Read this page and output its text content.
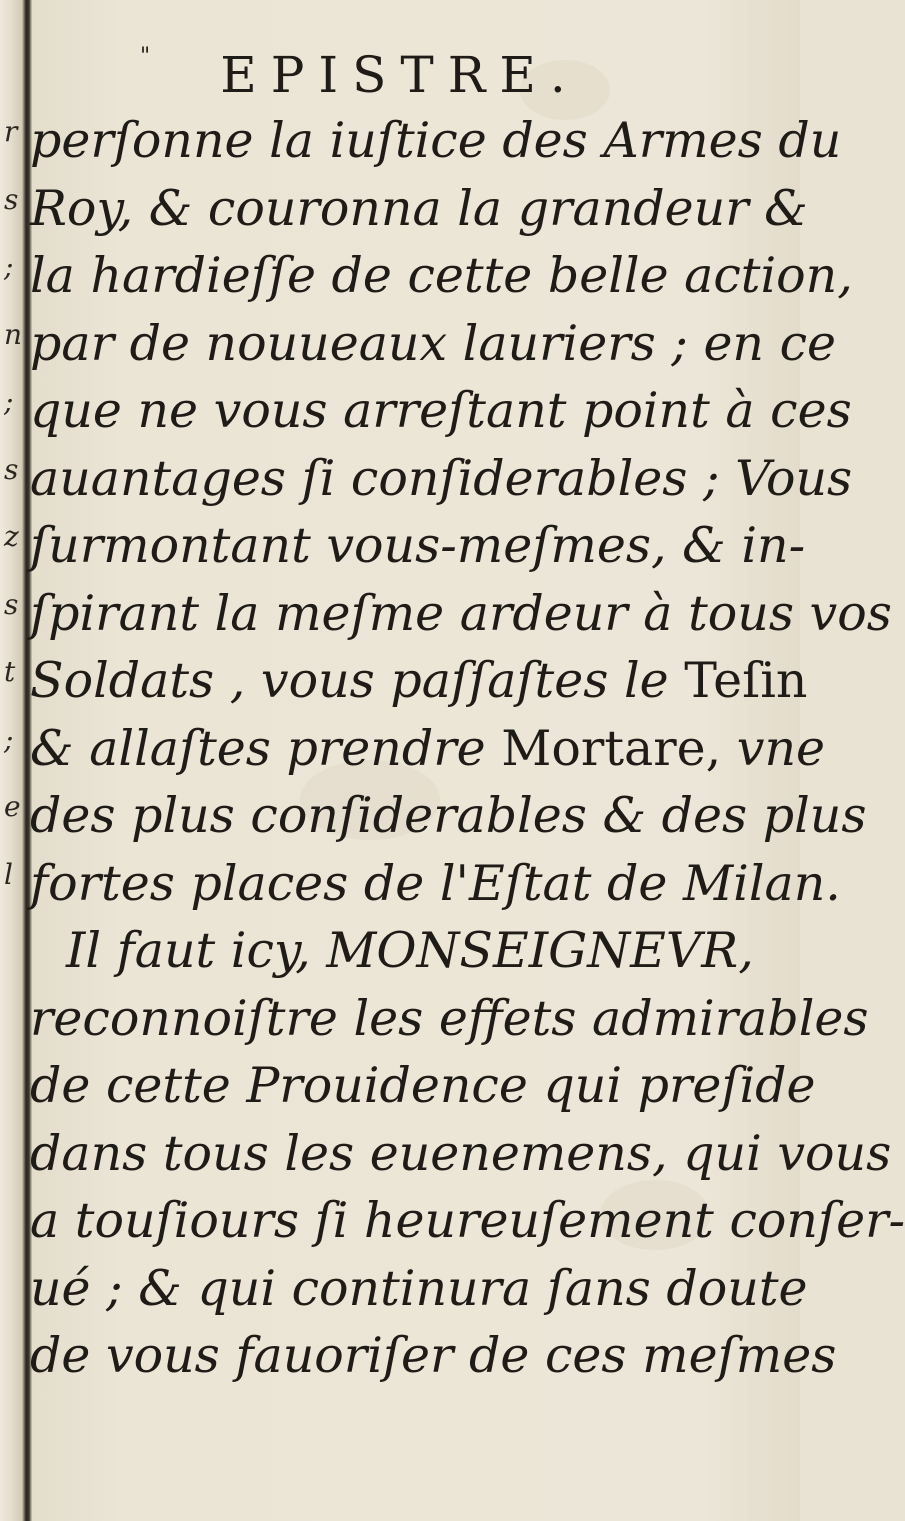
r
s
;
n
;
s
z
s
t
;
e
l
" EPISTRE.
perſonne la iuſtice des Armes du
Roy, & couronna la grandeur &
la hardieſſe de cette belle action,
par de nouueaux lauriers ; en ce
que ne vous arreſtant point à ces
auantages ſi conſiderables ; Vous
ſurmontant vous-meſmes, & in-
ſpirant la meſme ardeur à tous vos
Soldats , vous paſſaſtes le Teſin
& allaſtes prendre Mortare, vne
des plus conſiderables & des plus
fortes places de l'Eſtat de Milan.
Il faut icy, MONSEIGNEVR,
reconnoiſtre les effets admirables
de cette Prouidence qui preſide
dans tous les euenemens, qui vous
a touſiours ſi heureuſement conſer-
ué ; & qui continura ſans doute
de vous fauoriſer de ces meſmes
